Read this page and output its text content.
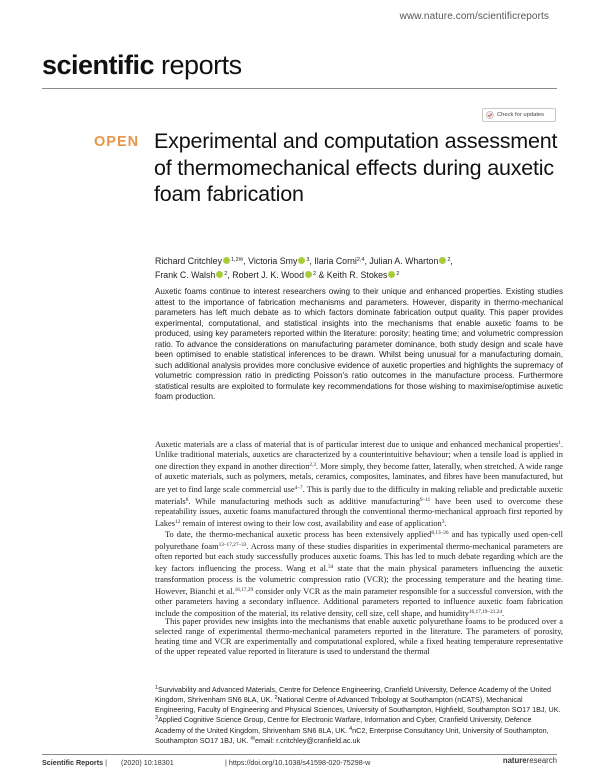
www.nature.com/scientificreports
scientific reports
Check for updates
OPEN Experimental and computation assessment of thermomechanical effects during auxetic foam fabrication
Richard Critchley $^{1,2✉}$, Victoria Smy $^3$, Ilaria Corni$^{2,4}$, Julian A. Wharton $^2$,
Frank C. Walsh $^2$, Robert J. K. Wood $^2$ & Keith R. Stokes $^2$

Auxetic foams continue to interest researchers owing to their unique and enhanced properties. Existing studies attest to the importance of fabrication mechanisms and parameters. However, disparity in thermo-mechanical parameters has left much debate as to which factors dominate fabrication output quality. This paper provides experimental, computational, and statistical insights into the mechanisms that enable auxetic foams to be produced, using key parameters reported within the literature: porosity; heating time; and volumetric compression ratio. To advance the considerations on manufacturing parameter dominance, both study design and scale have been optimised to enable statistical inferences to be drawn. Whilst being unusual for a manufacturing domain, such additional analysis provides more conclusive evidence of auxetic properties and highlights the supremacy of volumetric compression ratio in predicting Poisson's ratio outcomes in the manufacture process. Furthermore statistical results are exploited to formulate key recommendations for those wishing to maximise/optimise auxetic foam production.

Auxetic materials are a class of material that is of particular interest due to unique and enhanced mechanical properties$^1$. Unlike traditional materials, auxetics are characterized by a counterintuitive behaviour; when a tensile load is applied in one direction they expand in another direction$^{2,3}$. More simply, they become fatter, laterally, when stretched. A wide range of auxetic materials, such as polymers, metals, ceramics, composites, laminates, and fibres have been manufactured, but are yet to find large scale commercial use$^{4-7}$. This is partly due to the difficulty in making reliable and predictable auxetic materials$^8$. While manufacturing methods such as additive manufacturing$^{9-11}$ have been used to overcome these repeatability issues, auxetic foams manufactured through the conventional thermo-mechanical approach first reported by Lakes$^{12}$ remain of interest owing to their low cost, availability and ease of application$^3$.
To date, the thermo-mechanical auxetic process has been extensively applied$^{8,13-26}$ and has typically used open-cell polyurethane foam$^{13-17,27-33}$. Across many of these studies disparities in experimental thermo-mechanical parameters are often reported but each study successfully produces auxetic foams. This has led to much debate regarding which are the key factors influencing the process. Wang et al.$^{34}$ state that the main physical parameters influencing the auxetic transformation process is the volumetric compression ratio (VCR); the processing temperature and the heating time. However, Bianchi et al.$^{16,17,29}$ consider only VCR as the main parameter responsible for a successful conversion, with the other parameters having a secondary influence. Additional parameters reported to influence auxetic foam fabrication include the composition of the material, its relative density, cell size, cell shape, and humidity$^{16,17,19-21,24}$.
This paper provides new insights into the mechanisms that enable auxetic polyurethane foams to be produced over a selected range of experimental thermo-mechanical parameters reported in the literature. The parameters of porosity, heating time and VCR are experimentally and computational explored, while a fixed heating temperature representative of the upper repeated value reported in literature is used to understand the thermal
$^1$Survivability and Advanced Materials, Centre for Defence Engineering, Cranfield University, Defence Academy of the United Kingdom, Shrivenham SN6 8LA, UK. $^2$National Centre of Advanced Tribology at Southampton (nCATS), Mechanical Engineering, Faculty of Engineering and Physical Sciences, University of Southampton, Highfield, Southampton SO17 1BJ, UK. $^3$Applied Cognitive Science Group, Centre for Electronic Warfare, Information and Cyber, Cranfield University, Defence Academy of the United Kingdom, Shrivenham SN6 8LA, UK. $^4$nC2, Enterprise Consultancy Unit, University of Southampton, Southampton SO17 1BJ, UK. ✉email: r.critchley@cranfield.ac.uk
Scientific Reports | (2020) 10:18301	| https://doi.org/10.1038/s41598-020-75298-w	natureresearch
